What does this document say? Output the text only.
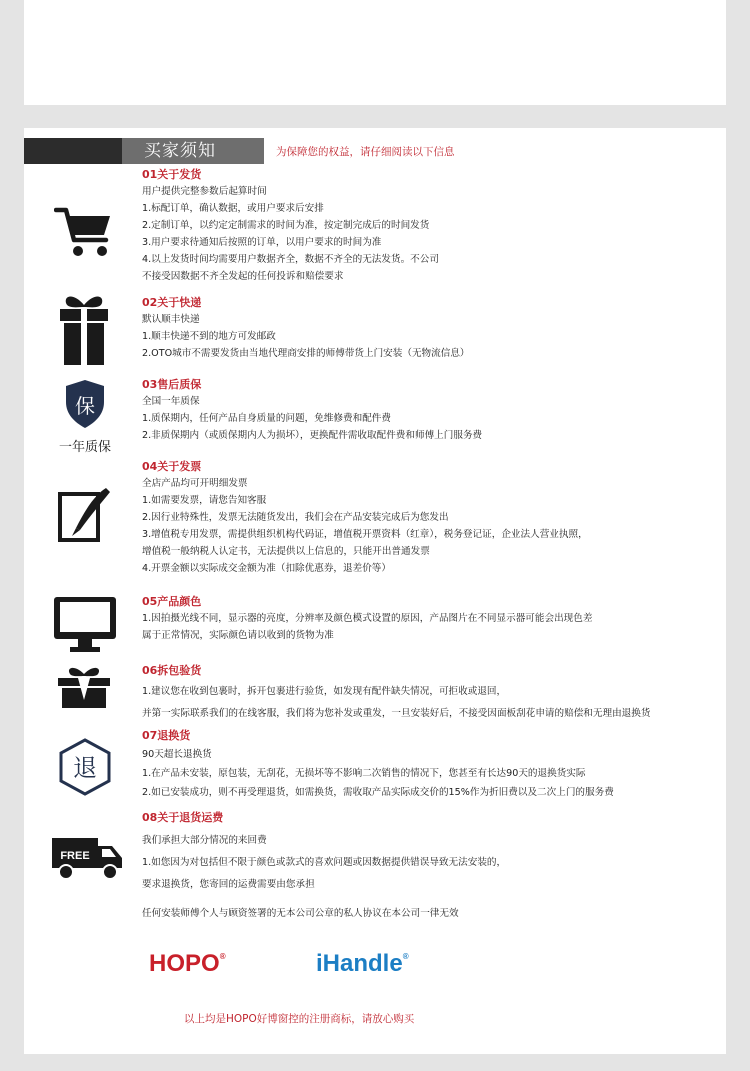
买家须知	为保障您的权益，请仔细阅读以下信息
01关于发货
用户提供完整参数后起算时间
1.标配订单，确认数据，或用户要求后安排
2.定制订单，以约定定制需求的时间为准，按定制完成后的时间发货
3.用户要求待通知后按照的订单，以用户要求的时间为准
4.以上发货时间均需要用户数据齐全，数据不齐全的无法发货。不公司
不接受因数据不齐全发起的任何投诉和赔偿要求
02关于快递
默认顺丰快递
1.顺丰快递不到的地方可发邮政
2.OTO城市不需要发货由当地代理商安排的师傅带货上门安装（无物流信息）
保
一年质保
03售后质保
全国一年质保
1.质保期内，任何产品自身质量的问题，免维修费和配件费
2.非质保期内（或质保期内人为损坏），更换配件需收取配件费和师傅上门服务费
04关于发票
全店产品均可开明细发票
1.如需要发票，请您告知客服
2.因行业特殊性，发票无法随货发出，我们会在产品安装完成后为您发出
3.增值税专用发票，需提供组织机构代码证，增值税开票资料（红章），税务登记证，企业法人营业执照，
增值税一般纳税人认定书，无法提供以上信息的，只能开出普通发票
4.开票金额以实际成交金额为准（扣除优惠券，退差价等）
05产品颜色
1.因拍摄光线不同，显示器的亮度，分辨率及颜色模式设置的原因，产品图片在不同显示器可能会出现色差
属于正常情况，实际颜色请以收到的货物为准
06拆包验货
1.建议您在收到包裹时，拆开包裹进行验货，如发现有配件缺失情况，可拒收或退回，
并第一实际联系我们的在线客服，我们将为您补发或重发，一旦安装好后，不接受因面板刮花申请的赔偿和无理由退换货
退
07退换货
90天超长退换货
1.在产品未安装，原包装，无刮花，无损坏等不影响二次销售的情况下，您甚至有长达90天的退换货实际
2.如已安装成功，则不再受理退货，如需换货，需收取产品实际成交价的15%作为折旧费以及二次上门的服务费
FREE
08关于退货运费
我们承担大部分情况的来回费
1.如您因为对包括但不限于颜色或款式的喜欢问题或因数据提供错误导致无法安装的，
要求退换货，您寄回的运费需要由您承担
任何安装师傅个人与顾资签署的无本公司公章的私人协议在本公司一律无效
HOPO®	iHandle®
以上均是HOPO好博窗控的注册商标，请放心购买
